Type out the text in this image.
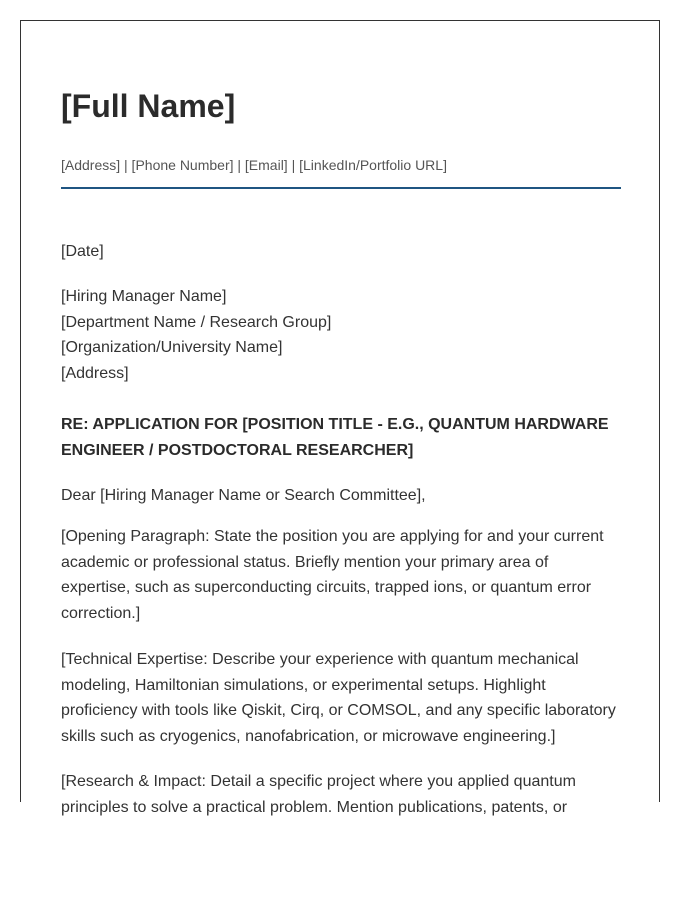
[Full Name]
[Address] | [Phone Number] | [Email] | [LinkedIn/Portfolio URL]
[Date]
[Hiring Manager Name]
[Department Name / Research Group]
[Organization/University Name]
[Address]
RE: APPLICATION FOR [POSITION TITLE - E.G., QUANTUM HARDWARE
ENGINEER / POSTDOCTORAL RESEARCHER]
Dear [Hiring Manager Name or Search Committee],
[Opening Paragraph: State the position you are applying for and your current
academic or professional status. Briefly mention your primary area of
expertise, such as superconducting circuits, trapped ions, or quantum error
correction.]
[Technical Expertise: Describe your experience with quantum mechanical
modeling, Hamiltonian simulations, or experimental setups. Highlight
proficiency with tools like Qiskit, Cirq, or COMSOL, and any specific laboratory
skills such as cryogenics, nanofabrication, or microwave engineering.]
[Research & Impact: Detail a specific project where you applied quantum
principles to solve a practical problem. Mention publications, patents, or
